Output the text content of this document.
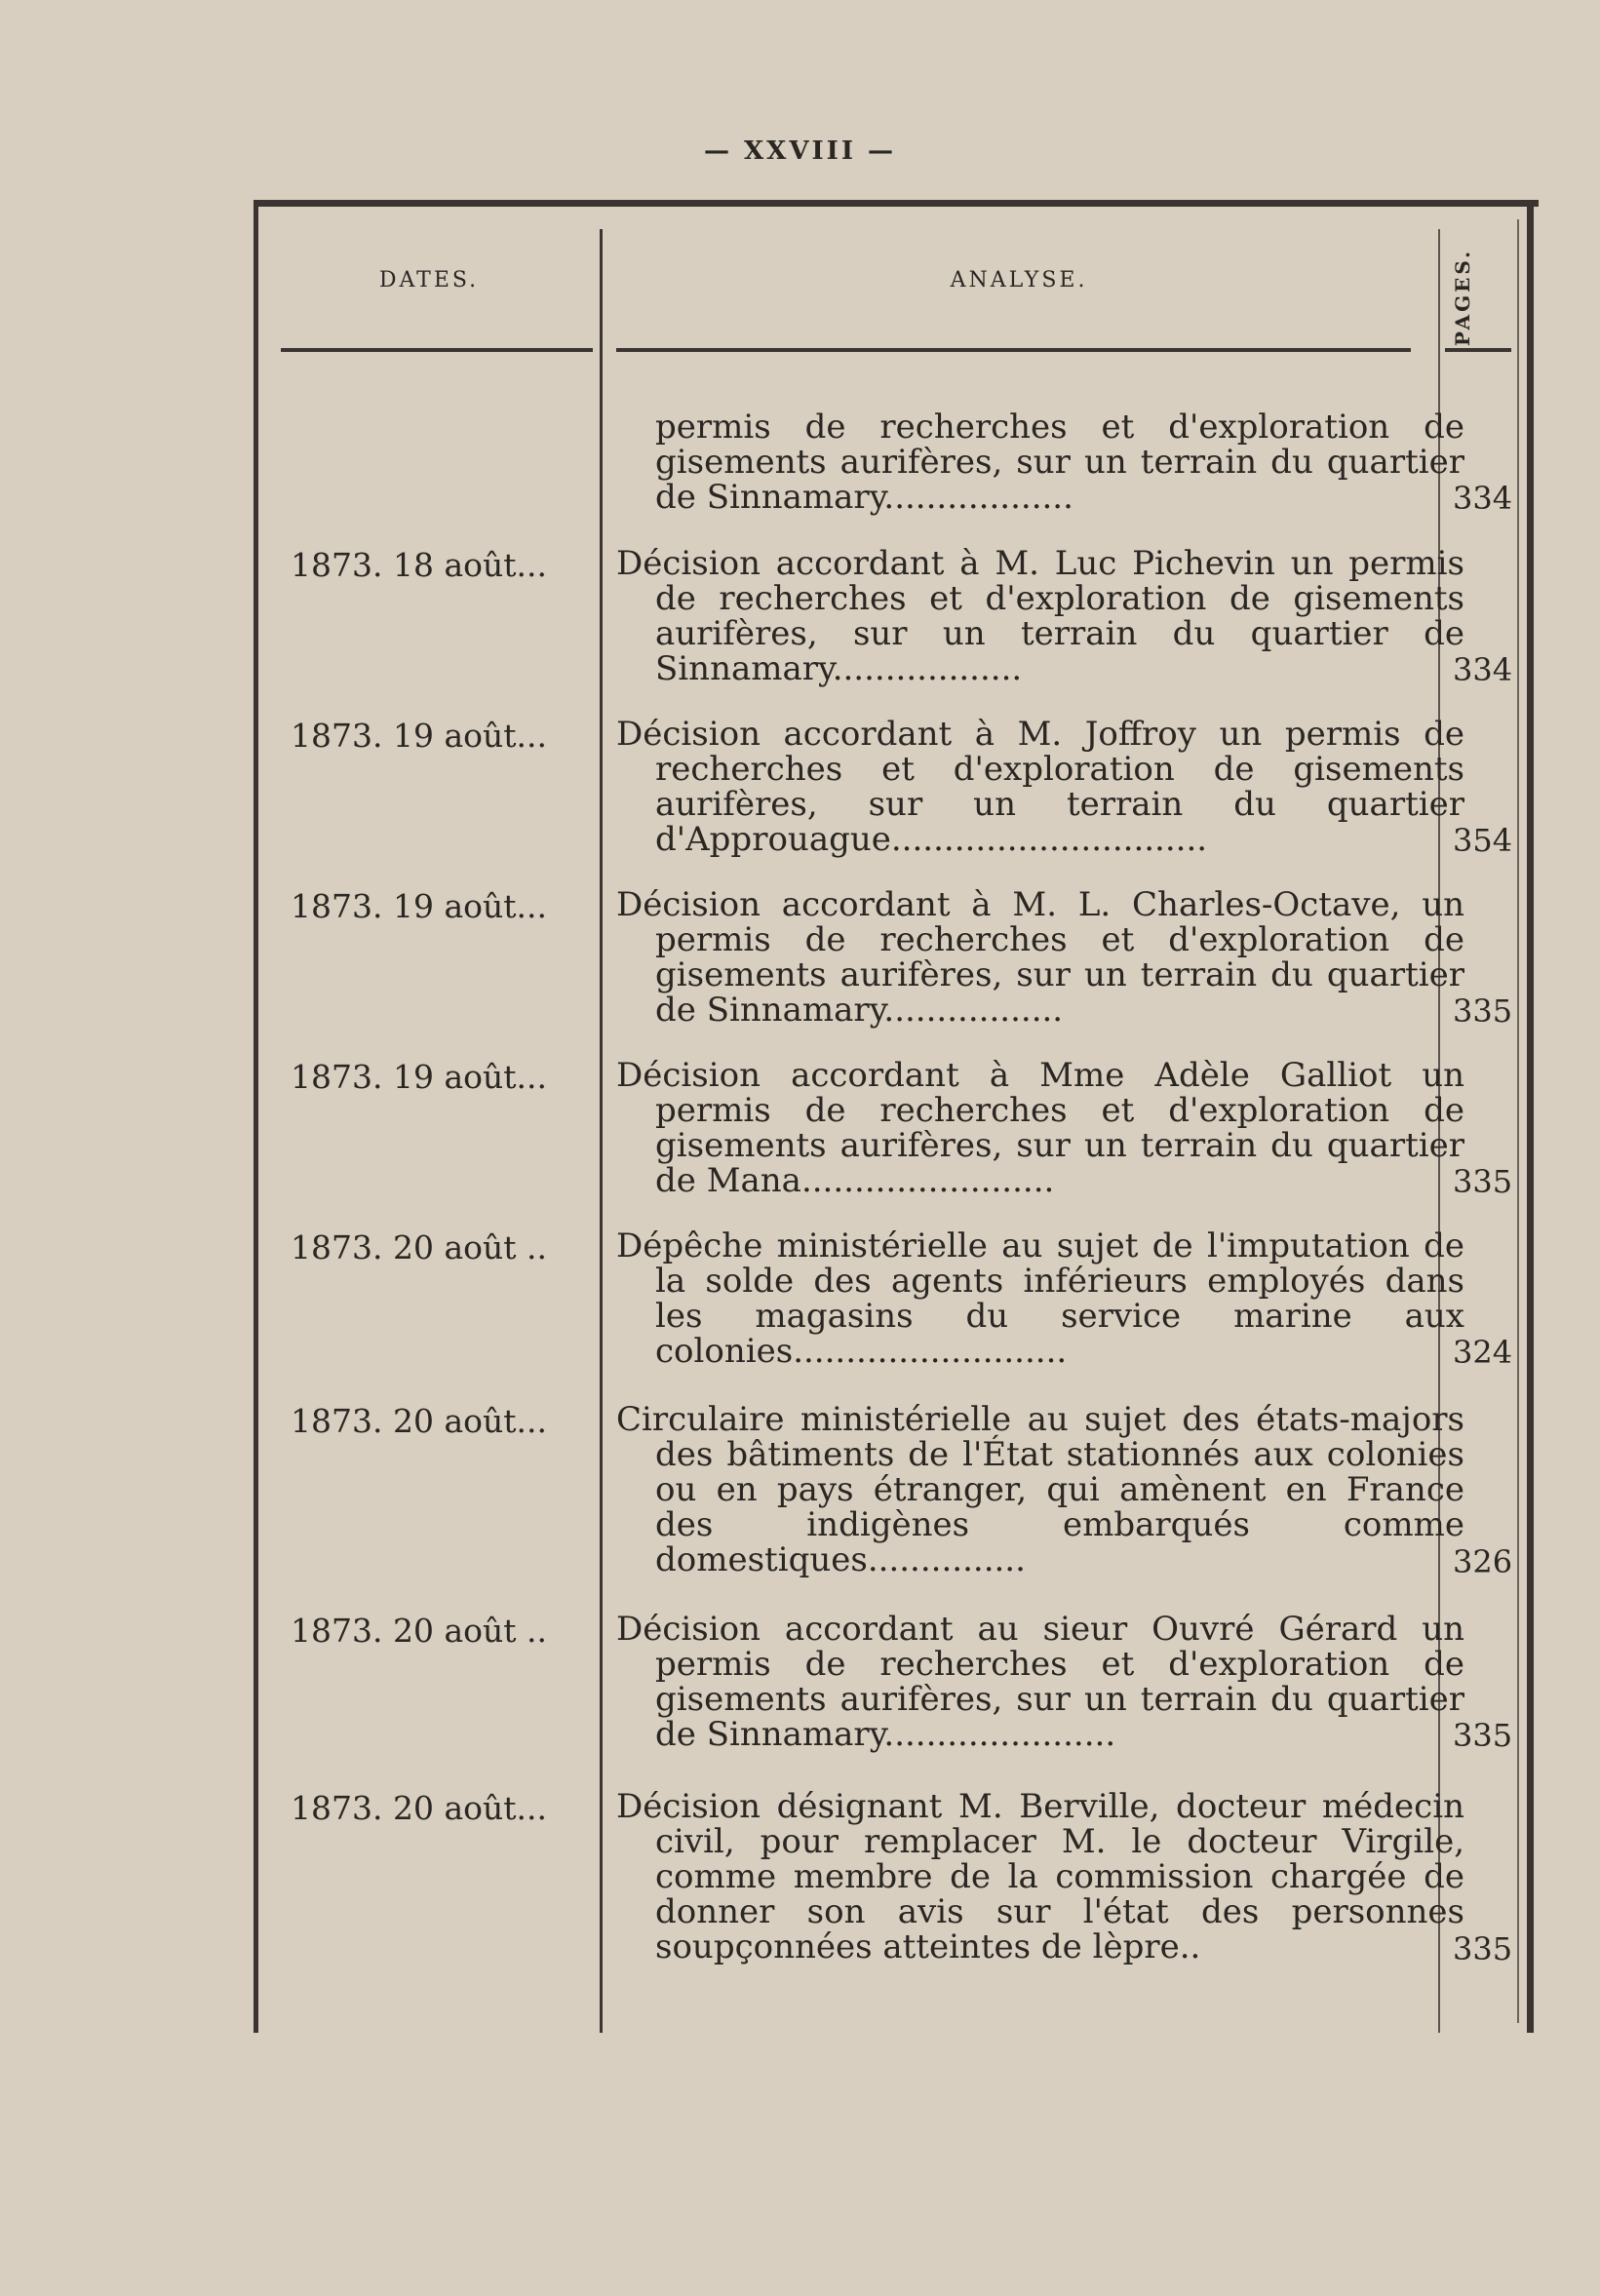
— XXVIII —
DATES.	ANALYSE.	PAGES.
permis de recherches et d'exploration de gisements aurifères, sur un terrain du quartier de Sinnamary..................	334
1873. 18 août... Décision accordant à M. Luc Pichevin un permis de recherches et d'exploration de gisements aurifères, sur un terrain du quartier de Sinnamary..................	334
1873. 19 août... Décision accordant à M. Joffroy un permis de recherches et d'exploration de gisements aurifères, sur un terrain du quartier d'Approuague..............................	354
1873. 19 août... Décision accordant à M. L. Charles-Octave, un permis de recherches et d'exploration de gisements aurifères, sur un terrain du quartier de Sinnamary.................	335
1873. 19 août... Décision accordant à Mme Adèle Galliot un permis de recherches et d'exploration de gisements aurifères, sur un terrain du quartier de Mana........................	335
1873. 20 août .. Dépêche ministérielle au sujet de l'imputation de la solde des agents inférieurs employés dans les magasins du service marine aux colonies..........................	324
1873. 20 août... Circulaire ministérielle au sujet des états-majors des bâtiments de l'État stationnés aux colonies ou en pays étranger, qui amènent en France des indigènes embarqués comme domestiques...............	326
1873. 20 août .. Décision accordant au sieur Ouvré Gérard un permis de recherches et d'exploration de gisements aurifères, sur un terrain du quartier de Sinnamary......................	335
1873. 20 août... Décision désignant M. Berville, docteur médecin civil, pour remplacer M. le docteur Virgile, comme membre de la commission chargée de donner son avis sur l'état des personnes soupçonnées atteintes de lèpre..	335
